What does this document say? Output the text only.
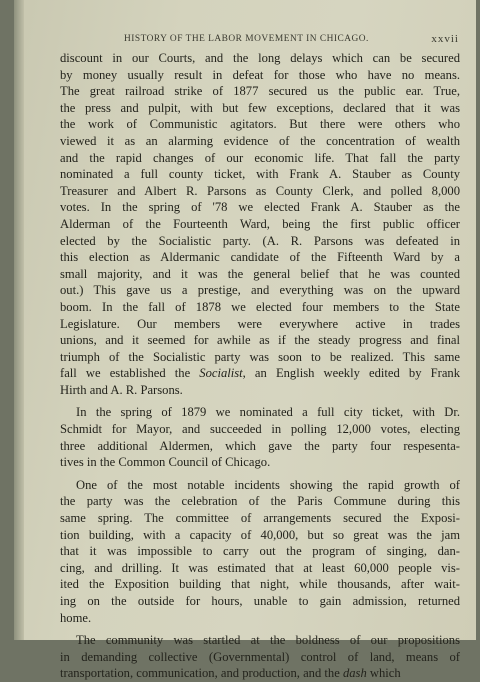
HISTORY OF THE LABOR MOVEMENT IN CHICAGO.	xxvii
discount in our Courts, and the long delays which can be secured
by money usually result in defeat for those who have no means.
The great railroad strike of 1877 secured us the public ear. True,
the press and pulpit, with but few exceptions, declared that it was
the work of Communistic agitators. But there were others who
viewed it as an alarming evidence of the concentration of wealth
and the rapid changes of our economic life. That fall the party
nominated a full county ticket, with Frank A. Stauber as County
Treasurer and Albert R. Parsons as County Clerk, and polled 8,000
votes. In the spring of '78 we elected Frank A. Stauber as the
Alderman of the Fourteenth Ward, being the first public officer
elected by the Socialistic party. (A. R. Parsons was defeated in
this election as Aldermanic candidate of the Fifteenth Ward by a
small majority, and it was the general belief that he was counted
out.) This gave us a prestige, and everything was on the upward
boom. In the fall of 1878 we elected four members to the State
Legislature. Our members were everywhere active in trades
unions, and it seemed for awhile as if the steady progress and final
triumph of the Socialistic party was soon to be realized. This same
fall we established the Socialist, an English weekly edited by Frank
Hirth and A. R. Parsons.
In the spring of 1879 we nominated a full city ticket, with Dr.
Schmidt for Mayor, and succeeded in polling 12,000 votes, electing
three additional Aldermen, which gave the party four respesenta-
tives in the Common Council of Chicago.
One of the most notable incidents showing the rapid growth of
the party was the celebration of the Paris Commune during this
same spring. The committee of arrangements secured the Exposi-
tion building, with a capacity of 40,000, but so great was the jam
that it was impossible to carry out the program of singing, dan-
cing, and drilling. It was estimated that at least 60,000 people vis-
ited the Exposition building that night, while thousands, after wait-
ing on the outside for hours, unable to gain admission, returned
home.
The community was startled at the boldness of our propositions
in demanding collective (Governmental) control of land, means of
transportation, communication, and production, and the dash which
